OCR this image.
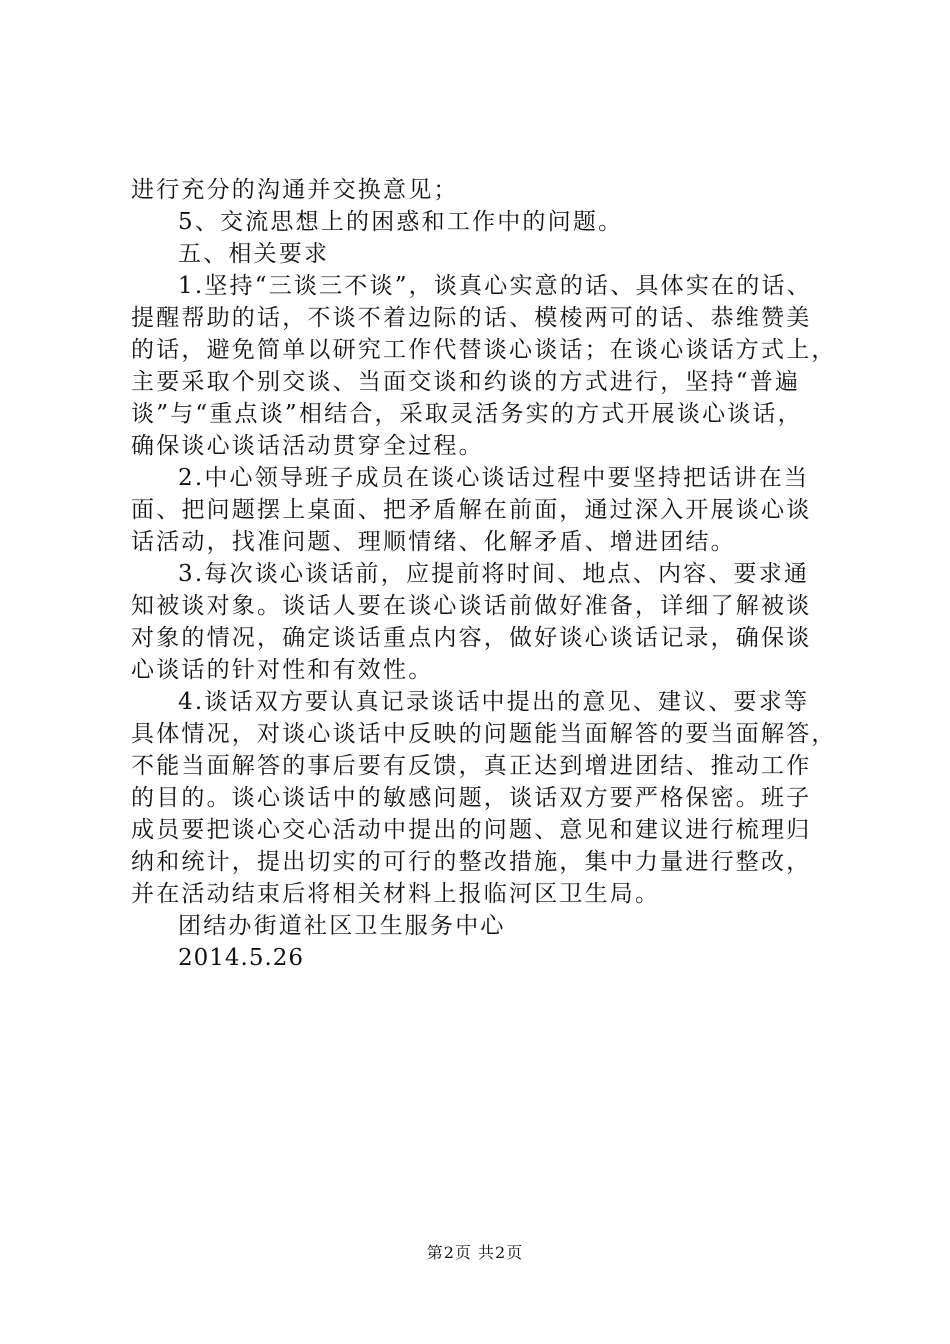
进行充分的沟通并交换意见；
5、交流思想上的困惑和工作中的问题。
五、相关要求
1.坚持“三谈三不谈”，谈真心实意的话、具体实在的话、
提醒帮助的话，不谈不着边际的话、模棱两可的话、恭维赞美
的话，避免简单以研究工作代替谈心谈话；在谈心谈话方式上，
主要采取个别交谈、当面交谈和约谈的方式进行，坚持“普遍
谈”与“重点谈”相结合，采取灵活务实的方式开展谈心谈话，
确保谈心谈话活动贯穿全过程。
2.中心领导班子成员在谈心谈话过程中要坚持把话讲在当
面、把问题摆上桌面、把矛盾解在前面，通过深入开展谈心谈
话活动，找准问题、理顺情绪、化解矛盾、增进团结。
3.每次谈心谈话前，应提前将时间、地点、内容、要求通
知被谈对象。谈话人要在谈心谈话前做好准备，详细了解被谈
对象的情况，确定谈话重点内容，做好谈心谈话记录，确保谈
心谈话的针对性和有效性。
4.谈话双方要认真记录谈话中提出的意见、建议、要求等
具体情况，对谈心谈话中反映的问题能当面解答的要当面解答，
不能当面解答的事后要有反馈，真正达到增进团结、推动工作
的目的。谈心谈话中的敏感问题，谈话双方要严格保密。班子
成员要把谈心交心活动中提出的问题、意见和建议进行梳理归
纳和统计，提出切实的可行的整改措施，集中力量进行整改，
并在活动结束后将相关材料上报临河区卫生局。
团结办街道社区卫生服务中心
2014.5.26
第2页 共2页
